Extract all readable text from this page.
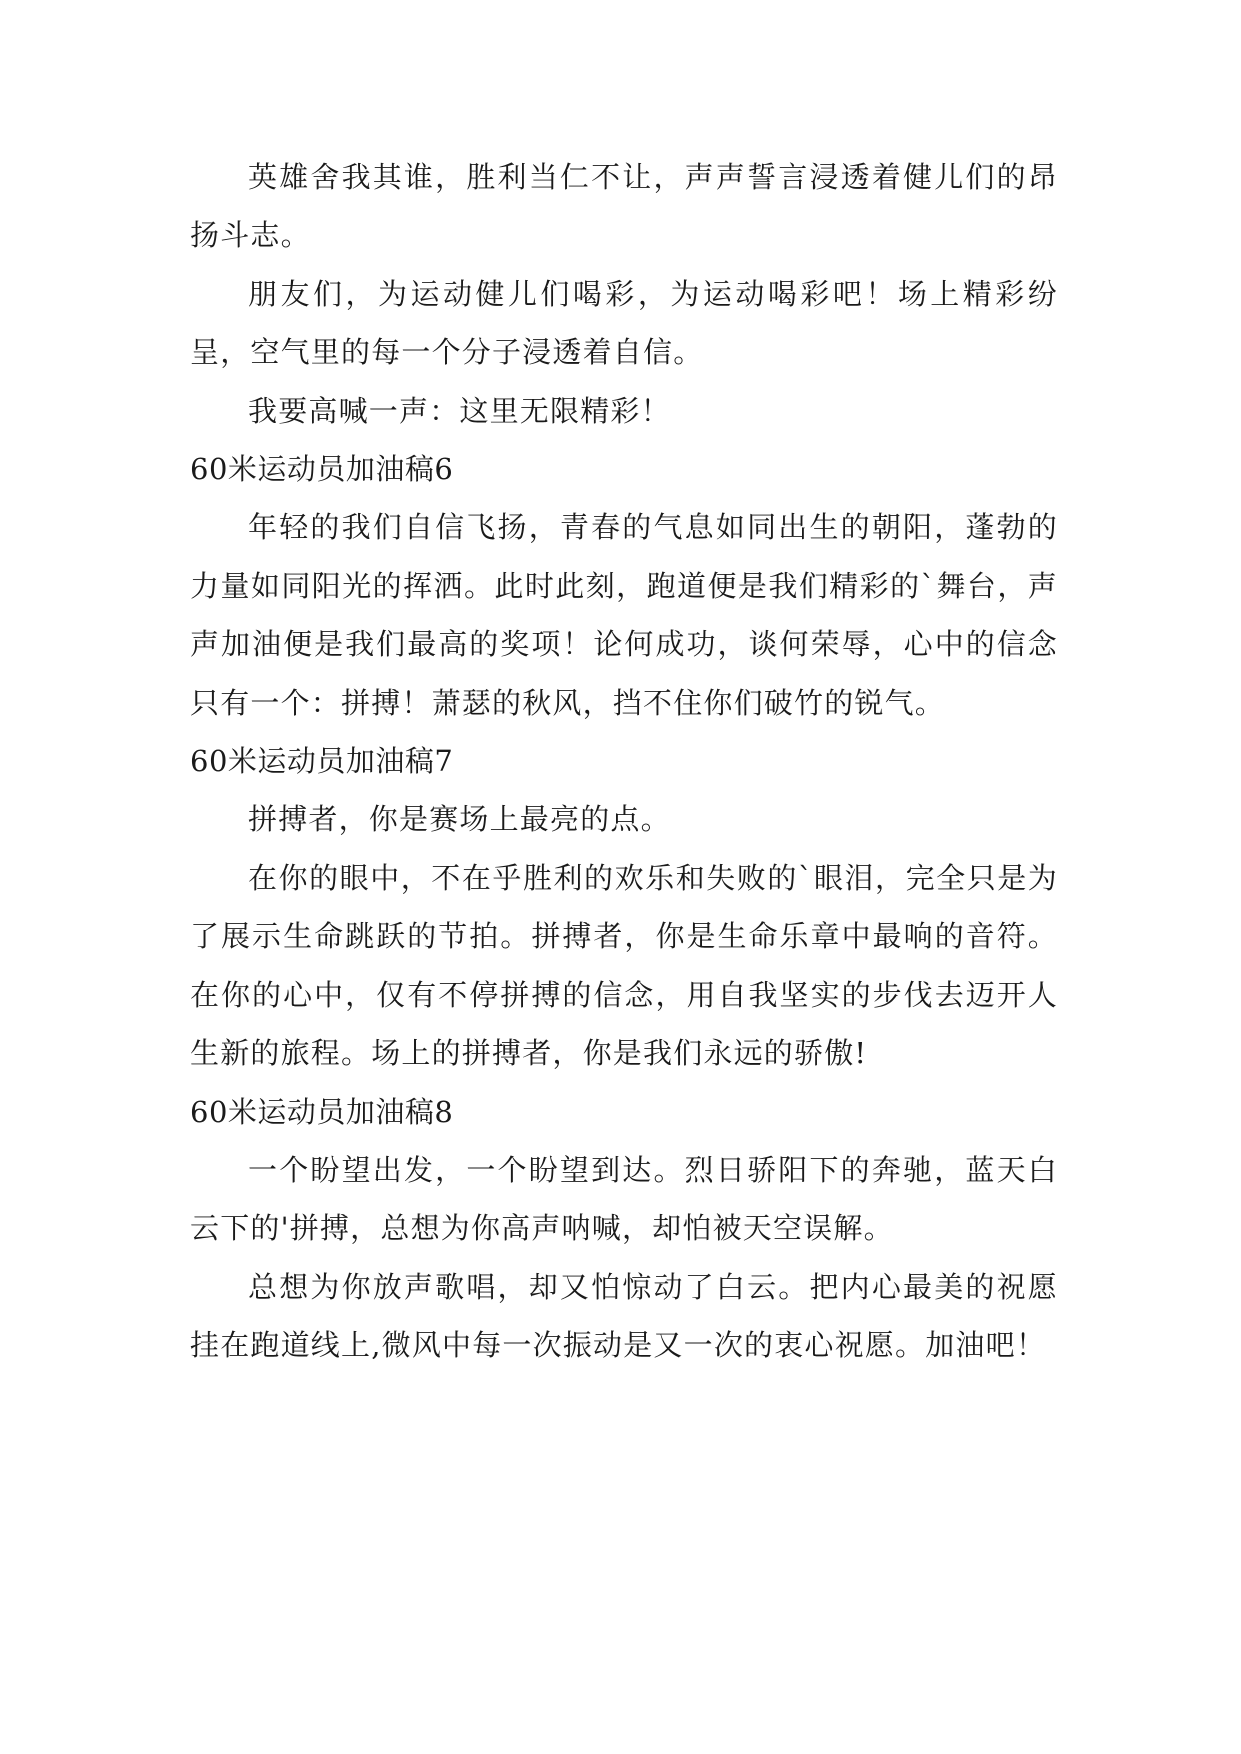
英雄舍我其谁，胜利当仁不让，声声誓言浸透着健儿们的昂扬斗志。

朋友们，为运动健儿们喝彩，为运动喝彩吧！场上精彩纷呈，空气里的每一个分子浸透着自信。

我要高喊一声：这里无限精彩！

60米运动员加油稿6

年轻的我们自信飞扬，青春的气息如同出生的朝阳，蓬勃的力量如同阳光的挥洒。此时此刻，跑道便是我们精彩的`舞台，声声加油便是我们最高的奖项！论何成功，谈何荣辱，心中的信念只有一个：拼搏！萧瑟的秋风，挡不住你们破竹的锐气。

60米运动员加油稿7

拼搏者，你是赛场上最亮的点。

在你的眼中，不在乎胜利的欢乐和失败的`眼泪，完全只是为了展示生命跳跃的节拍。拼搏者，你是生命乐章中最响的音符。在你的心中，仅有不停拼搏的信念，用自我坚实的步伐去迈开人生新的旅程。场上的拼搏者，你是我们永远的骄傲!

60米运动员加油稿8

一个盼望出发，一个盼望到达。烈日骄阳下的奔驰，蓝天白云下的'拼搏，总想为你高声呐喊，却怕被天空误解。

总想为你放声歌唱，却又怕惊动了白云。把内心最美的祝愿挂在跑道线上,微风中每一次振动是又一次的衷心祝愿。加油吧！
